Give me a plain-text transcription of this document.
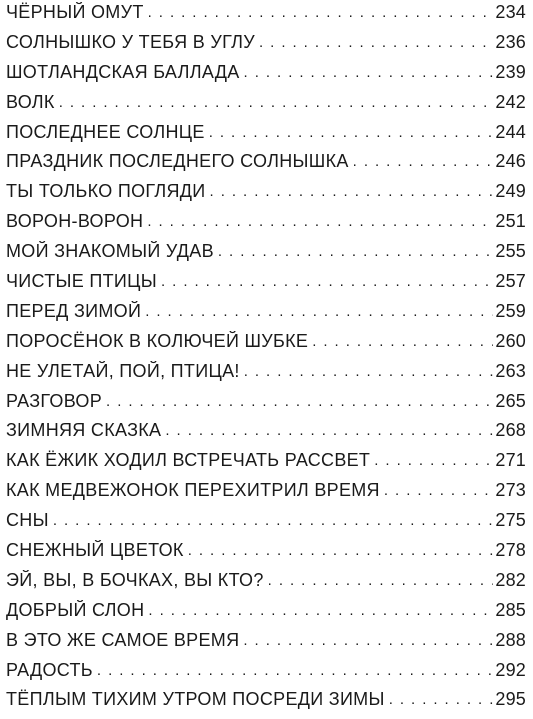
ЧЁРНЫЙ ОМУТ .....	234
СОЛНЫШКО У ТЕБЯ В УГЛУ .....	236
ШОТЛАНДСКАЯ БАЛЛАДА .....	239
ВОЛК .....	242
ПОСЛЕДНЕЕ СОЛНЦЕ .....	244
ПРАЗДНИК ПОСЛЕДНЕГО СОЛНЫШКА .....	246
ТЫ ТОЛЬКО ПОГЛЯДИ .....	249
ВОРОН-ВОРОН .....	251
МОЙ ЗНАКОМЫЙ УДАВ .....	255
ЧИСТЫЕ ПТИЦЫ .....	257
ПЕРЕД ЗИМОЙ .....	259
ПОРОСЁНОК В КОЛЮЧЕЙ ШУБКЕ .....	260
НЕ УЛЕТАЙ, ПОЙ, ПТИЦА! .....	263
РАЗГОВОР .....	265
ЗИМНЯЯ СКАЗКА .....	268
КАК ЁЖИК ХОДИЛ ВСТРЕЧАТЬ РАССВЕТ .....	271
КАК МЕДВЕЖОНОК ПЕРЕХИТРИЛ ВРЕМЯ .....	273
СНЫ .....	275
СНЕЖНЫЙ ЦВЕТОК .....	278
ЭЙ, ВЫ, В БОЧКАХ, ВЫ КТО? .....	282
ДОБРЫЙ СЛОН .....	285
В ЭТО ЖЕ САМОЕ ВРЕМЯ .....	288
РАДОСТЬ .....	292
ТЁПЛЫМ ТИХИМ УТРОМ ПОСРЕДИ ЗИМЫ .....	295
